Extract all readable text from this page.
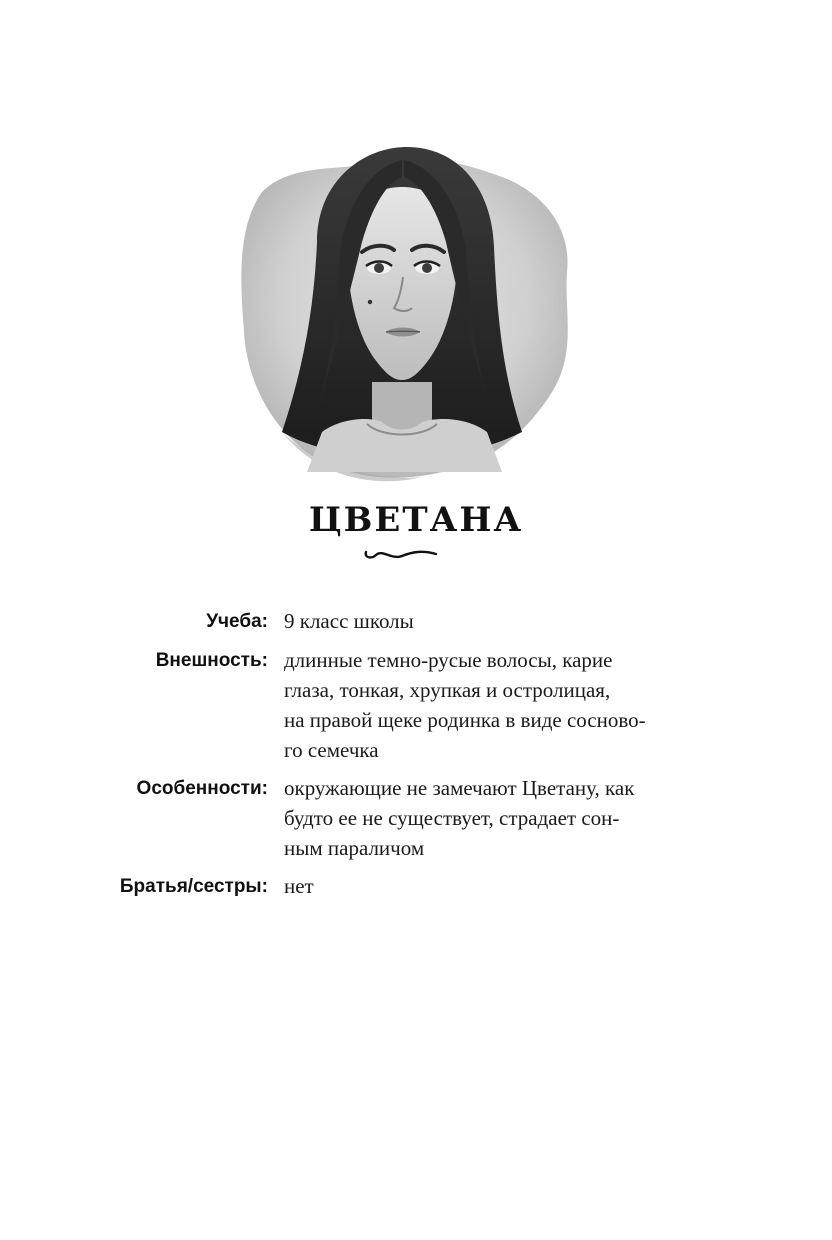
ЦВЕТАНА
Учеба: 9 класс школы
Внешность: длинные темно-русые волосы, карие
глаза, тонкая, хрупкая и остролицая,
на правой щеке родинка в виде сосново-
го семечка
Особенности: окружающие не замечают Цветану, как
будто ее не существует, страдает сон-
ным параличом
Братья/сестры: нет
